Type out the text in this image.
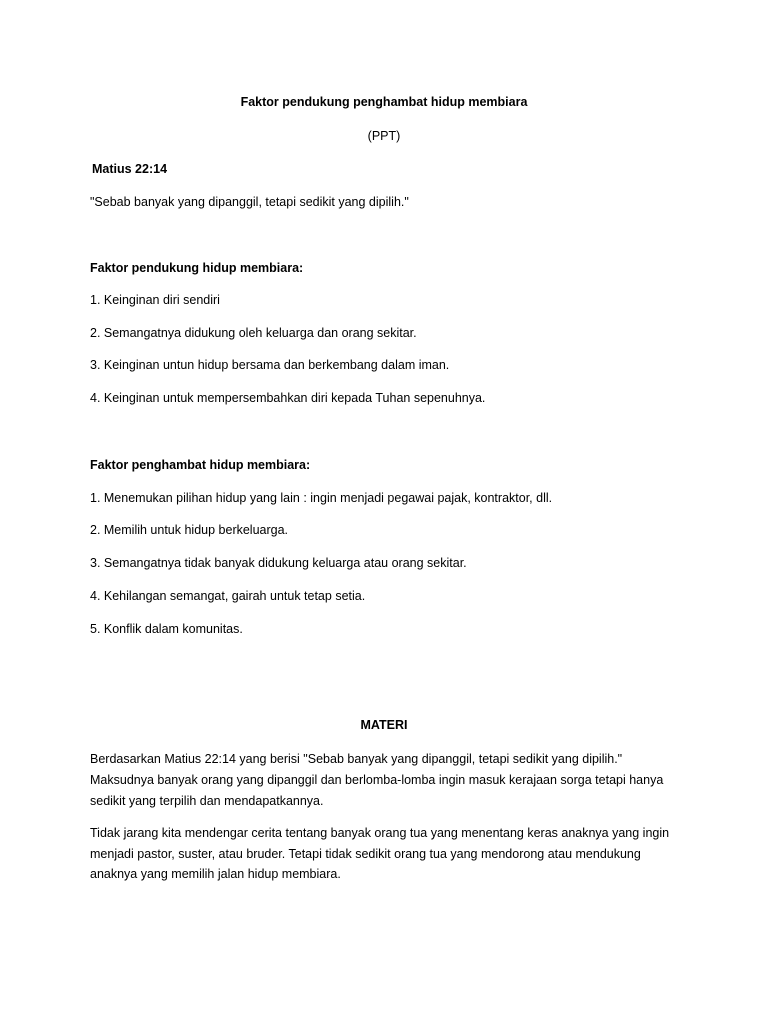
Faktor pendukung penghambat hidup membiara
(PPT)
Matius 22:14
"Sebab banyak yang dipanggil, tetapi sedikit yang dipilih."
Faktor pendukung hidup membiara:
1. Keinginan diri sendiri
2. Semangatnya didukung oleh keluarga dan orang sekitar.
3. Keinginan untun hidup bersama dan berkembang dalam iman.
4. Keinginan untuk mempersembahkan diri kepada Tuhan sepenuhnya.
Faktor penghambat hidup membiara:
1. Menemukan pilihan hidup yang lain : ingin menjadi pegawai pajak, kontraktor, dll.
2. Memilih untuk hidup berkeluarga.
3. Semangatnya tidak banyak didukung keluarga atau orang sekitar.
4. Kehilangan semangat, gairah untuk tetap setia.
5. Konflik dalam komunitas.
MATERI
Berdasarkan Matius 22:14 yang berisi "Sebab banyak yang dipanggil, tetapi sedikit yang dipilih."
Maksudnya banyak orang yang dipanggil dan berlomba-lomba ingin masuk kerajaan sorga tetapi hanya
sedikit yang terpilih dan mendapatkannya.
Tidak jarang kita mendengar cerita tentang banyak orang tua yang menentang keras anaknya yang ingin
menjadi pastor, suster, atau bruder. Tetapi tidak sedikit orang tua yang mendorong atau mendukung
anaknya yang memilih jalan hidup membiara.
